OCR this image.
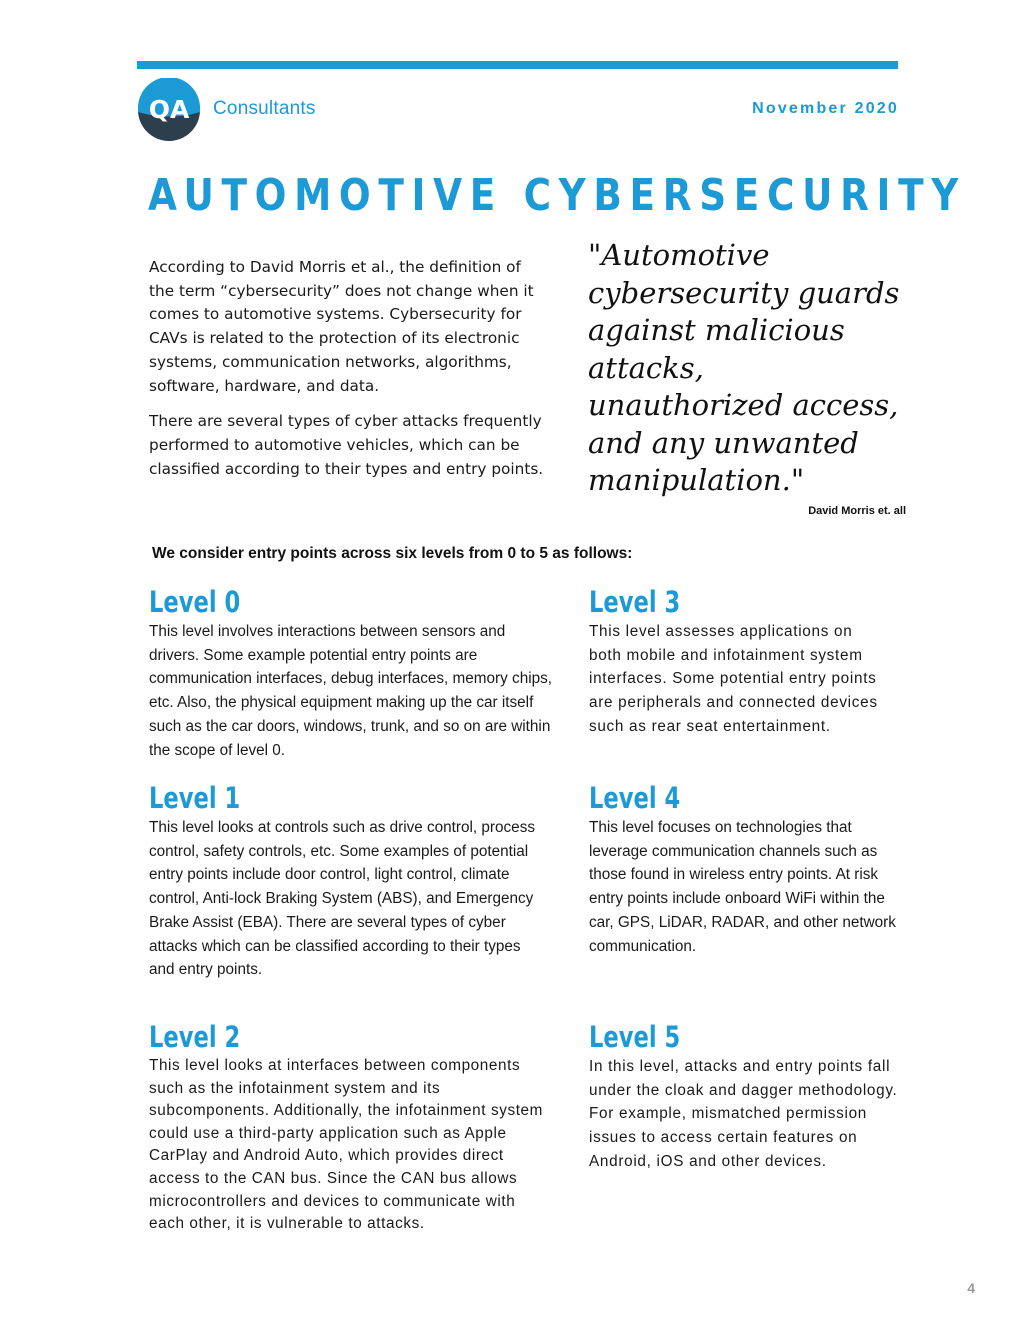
QA Consultants	November 2020
AUTOMOTIVE CYBERSECURITY

According to David Morris et al., the definition of the term “cybersecurity” does not change when it comes to automotive systems. Cybersecurity for CAVs is related to the protection of its electronic systems, communication networks, algorithms, software, hardware, and data.

There are several types of cyber attacks frequently performed to automotive vehicles, which can be classified according to their types and entry points.

"Automotive cybersecurity guards against malicious attacks, unauthorized access, and any unwanted manipulation."
David Morris et. all
We consider entry points across six levels from 0 to 5 as follows:
Level 0

This level involves interactions between sensors and drivers. Some example potential entry points are communication interfaces, debug interfaces, memory chips, etc. Also, the physical equipment making up the car itself such as the car doors, windows, trunk, and so on are within the scope of level 0.

Level 1

This level looks at controls such as drive control, process control, safety controls, etc. Some examples of potential entry points include door control, light control, climate control, Anti-lock Braking System (ABS), and Emergency Brake Assist (EBA). There are several types of cyber attacks which can be classified according to their types and entry points.

Level 2

This level looks at interfaces between components such as the infotainment system and its subcomponents. Additionally, the infotainment system could use a third-party application such as Apple CarPlay and Android Auto, which provides direct access to the CAN bus. Since the CAN bus allows microcontrollers and devices to communicate with each other, it is vulnerable to attacks.

Level 3

This level assesses applications on both mobile and infotainment system interfaces. Some potential entry points are peripherals and connected devices such as rear seat entertainment.

Level 4

This level focuses on technologies that leverage communication channels such as those found in wireless entry points. At risk entry points include onboard WiFi within the car, GPS, LiDAR, RADAR, and other network communication.

Level 5

In this level, attacks and entry points fall under the cloak and dagger methodology. For example, mismatched permission issues to access certain features on Android, iOS and other devices.

4
